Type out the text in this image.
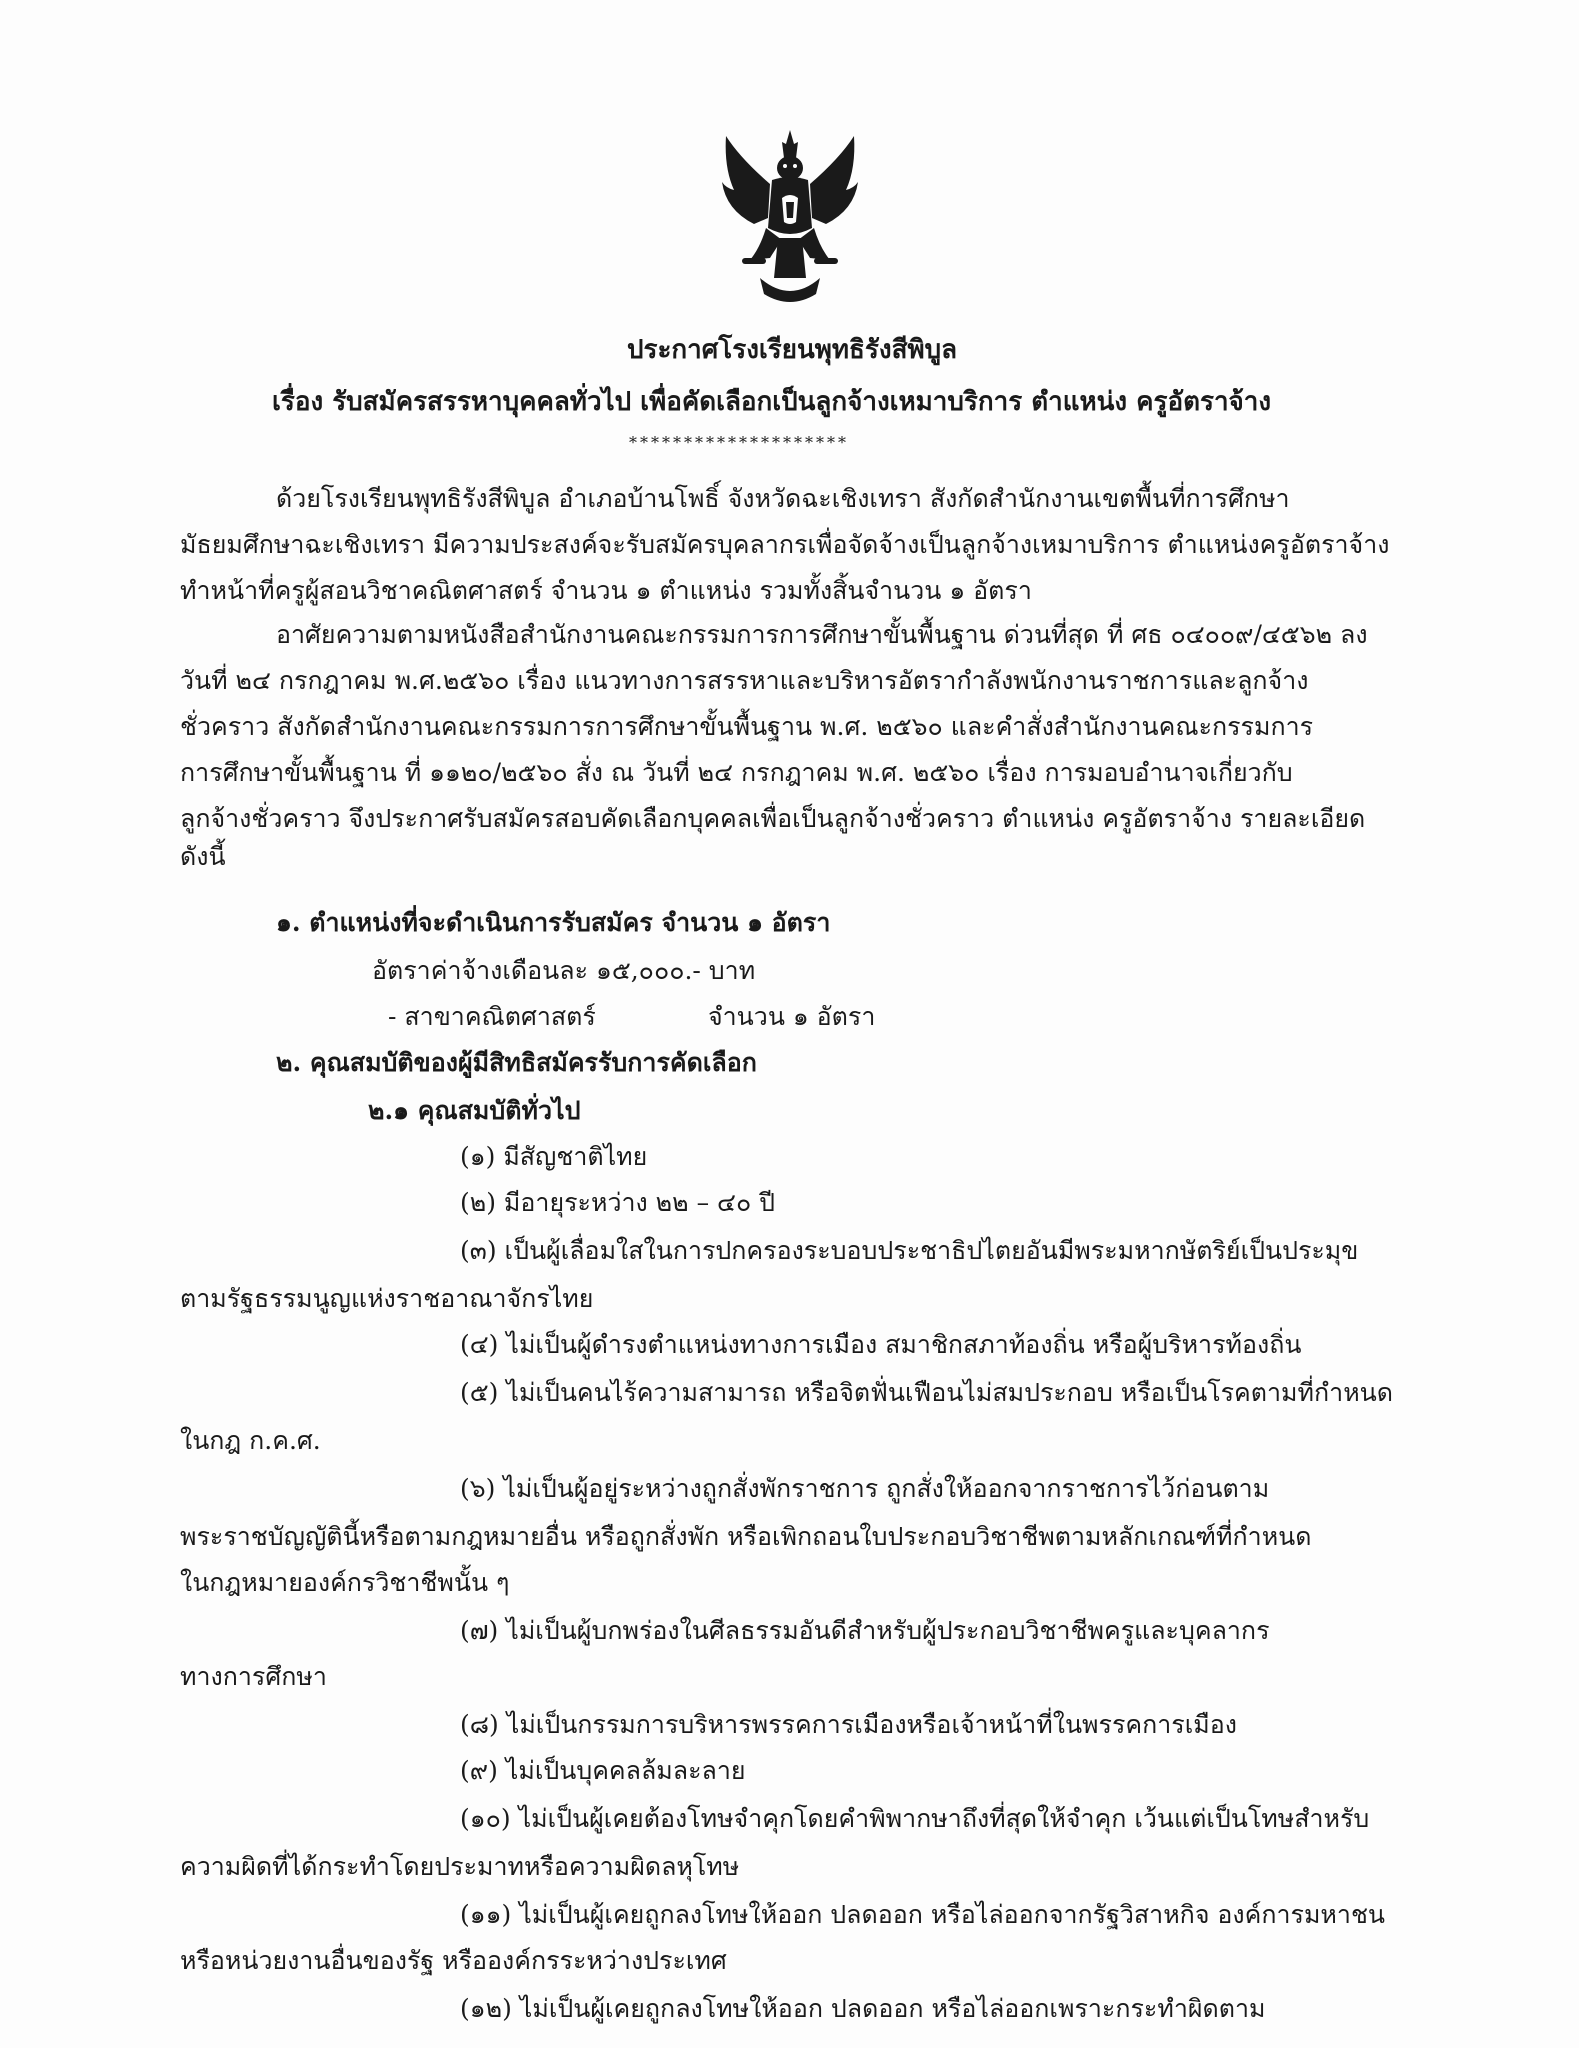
ประกาศโรงเรียนพุทธิรังสีพิบูล
เรื่อง รับสมัครสรรหาบุคคลทั่วไป เพื่อคัดเลือกเป็นลูกจ้างเหมาบริการ ตำแหน่ง ครูอัตราจ้าง
********************
ด้วยโรงเรียนพุทธิรังสีพิบูล อำเภอบ้านโพธิ์ จังหวัดฉะเชิงเทรา สังกัดสำนักงานเขตพื้นที่การศึกษา
มัธยมศึกษาฉะเชิงเทรา มีความประสงค์จะรับสมัครบุคลากรเพื่อจัดจ้างเป็นลูกจ้างเหมาบริการ ตำแหน่งครูอัตราจ้าง
ทำหน้าที่ครูผู้สอนวิชาคณิตศาสตร์ จำนวน ๑ ตำแหน่ง รวมทั้งสิ้นจำนวน ๑ อัตรา
อาศัยความตามหนังสือสำนักงานคณะกรรมการการศึกษาขั้นพื้นฐาน ด่วนที่สุด ที่ ศธ ๐๔๐๐๙/๔๕๖๒ ลง
วันที่ ๒๔ กรกฎาคม พ.ศ.๒๕๖๐ เรื่อง แนวทางการสรรหาและบริหารอัตรากำลังพนักงานราชการและลูกจ้าง
ชั่วคราว สังกัดสำนักงานคณะกรรมการการศึกษาขั้นพื้นฐาน พ.ศ. ๒๕๖๐ และคำสั่งสำนักงานคณะกรรมการ
การศึกษาขั้นพื้นฐาน ที่ ๑๑๒๐/๒๕๖๐ สั่ง ณ วันที่ ๒๔ กรกฎาคม พ.ศ. ๒๕๖๐ เรื่อง การมอบอำนาจเกี่ยวกับ
ลูกจ้างชั่วคราว จึงประกาศรับสมัครสอบคัดเลือกบุคคลเพื่อเป็นลูกจ้างชั่วคราว ตำแหน่ง ครูอัตราจ้าง รายละเอียด
ดังนี้
๑. ตำแหน่งที่จะดำเนินการรับสมัคร จำนวน ๑ อัตรา
อัตราค่าจ้างเดือนละ ๑๕,๐๐๐.- บาท
- สาขาคณิตศาสตร์	จำนวน ๑ อัตรา
๒. คุณสมบัติของผู้มีสิทธิสมัครรับการคัดเลือก
๒.๑ คุณสมบัติทั่วไป
(๑) มีสัญชาติไทย
(๒) มีอายุระหว่าง ๒๒ – ๔๐ ปี
(๓) เป็นผู้เลื่อมใสในการปกครองระบอบประชาธิปไตยอันมีพระมหากษัตริย์เป็นประมุข
ตามรัฐธรรมนูญแห่งราชอาณาจักรไทย
(๔) ไม่เป็นผู้ดำรงตำแหน่งทางการเมือง สมาชิกสภาท้องถิ่น หรือผู้บริหารท้องถิ่น
(๕) ไม่เป็นคนไร้ความสามารถ หรือจิตฟั่นเฟือนไม่สมประกอบ หรือเป็นโรคตามที่กำหนด
ในกฎ ก.ค.ศ.
(๖) ไม่เป็นผู้อยู่ระหว่างถูกสั่งพักราชการ ถูกสั่งให้ออกจากราชการไว้ก่อนตาม
พระราชบัญญัตินี้หรือตามกฎหมายอื่น หรือถูกสั่งพัก หรือเพิกถอนใบประกอบวิชาชีพตามหลักเกณฑ์ที่กำหนด
ในกฎหมายองค์กรวิชาชีพนั้น ๆ
(๗) ไม่เป็นผู้บกพร่องในศีลธรรมอันดีสำหรับผู้ประกอบวิชาชีพครูและบุคลากร
ทางการศึกษา
(๘) ไม่เป็นกรรมการบริหารพรรคการเมืองหรือเจ้าหน้าที่ในพรรคการเมือง
(๙) ไม่เป็นบุคคลล้มละลาย
(๑๐) ไม่เป็นผู้เคยต้องโทษจำคุกโดยคำพิพากษาถึงที่สุดให้จำคุก เว้นแต่เป็นโทษสำหรับ
ความผิดที่ได้กระทำโดยประมาทหรือความผิดลหุโทษ
(๑๑) ไม่เป็นผู้เคยถูกลงโทษให้ออก ปลดออก หรือไล่ออกจากรัฐวิสาหกิจ องค์การมหาชน
หรือหน่วยงานอื่นของรัฐ หรือองค์กรระหว่างประเทศ
(๑๒) ไม่เป็นผู้เคยถูกลงโทษให้ออก ปลดออก หรือไล่ออกเพราะกระทำผิดตาม
